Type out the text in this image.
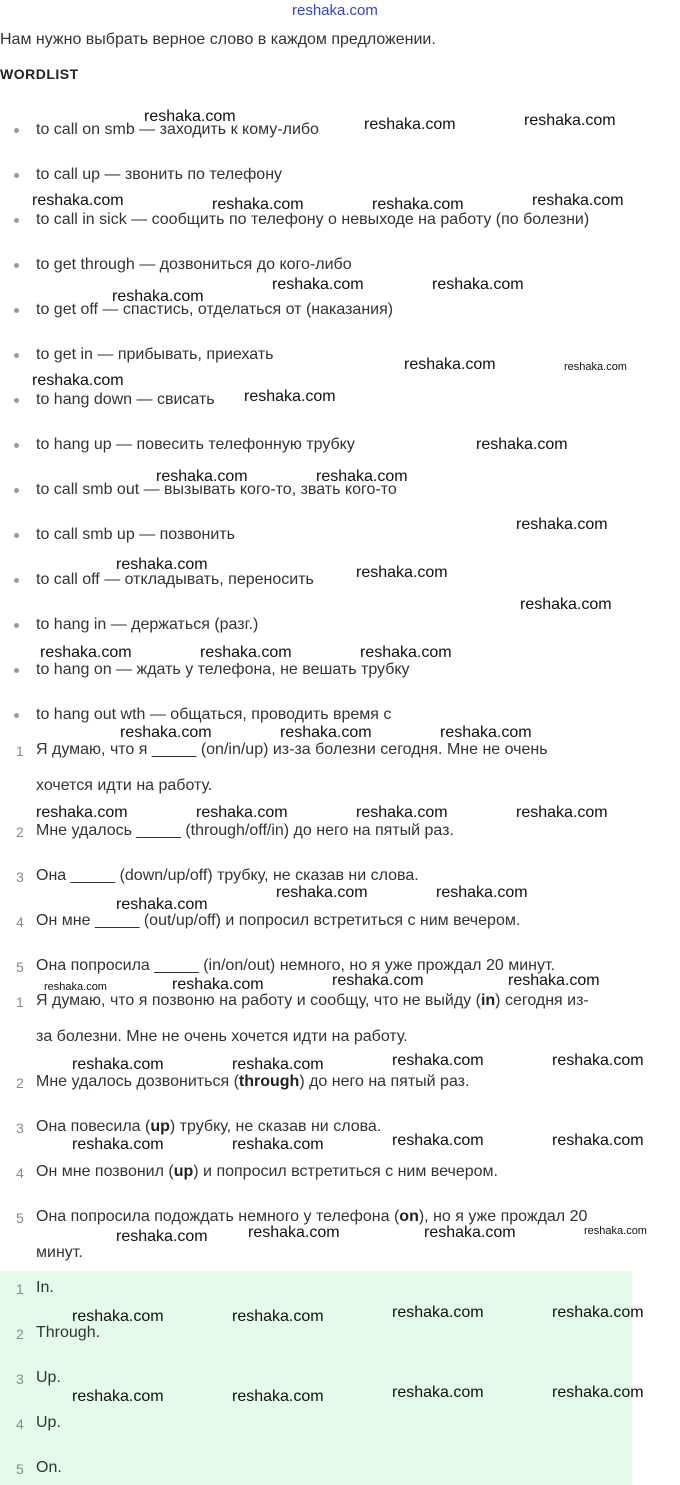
reshaka.com
Нам нужно выбрать верное слово в каждом предложении.
WORDLIST
to call on smb — заходить к кому-либо
to call up — звонить по телефону
to call in sick — сообщить по телефону о невыходе на работу (по болезни)
to get through — дозвониться до кого-либо
to get off — спастись, отделаться от (наказания)
to get in — прибывать, приехать
to hang down — свисать
to hang up — повесить телефонную трубку
to call smb out — вызывать кого-то, звать кого-то
to call smb up — позвонить
to call off — откладывать, переносить
to hang in — держаться (разг.)
to hang on — ждать у телефона, не вешать трубку
to hang out wth — общаться, проводить время с
1 Я думаю, что я _____ (on/in/up) из-за болезни сегодня. Мне не очень
хочется идти на работу.
2 Мне удалось _____ (through/off/in) до него на пятый раз.
3 Она _____ (down/up/off) трубку, не сказав ни слова.
4 Он мне _____ (out/up/off) и попросил встретиться с ним вечером.
5 Она попросила _____ (in/on/out) немного, но я уже прождал 20 минут.
1 Я думаю, что я позвоню на работу и сообщу, что не выйду (in) сегодня из-
за болезни. Мне не очень хочется идти на работу.
2 Мне удалось дозвониться (through) до него на пятый раз.
3 Она повесила (up) трубку, не сказав ни слова.
4 Он мне позвонил (up) и попросил встретиться с ним вечером.
5 Она попросила подождать немного у телефона (on), но я уже прождал 20
минут.
1 In.
2 Through.
3 Up.
4 Up.
5 On.
reshaka.com	reshaka.com	reshaka.com
reshaka.com	reshaka.com	reshaka.com	reshaka.com
reshaka.com	reshaka.com
reshaka.com
reshaka.com	reshaka.com
reshaka.com
reshaka.com
reshaka.com
reshaka.com	reshaka.com
reshaka.com
reshaka.com	reshaka.com
reshaka.com
reshaka.com	reshaka.com	reshaka.com
reshaka.com	reshaka.com	reshaka.com
reshaka.com	reshaka.com	reshaka.com	reshaka.com
reshaka.com	reshaka.com
reshaka.com
reshaka.com	reshaka.com	reshaka.com	reshaka.com
reshaka.com	reshaka.com	reshaka.com	reshaka.com
reshaka.com	reshaka.com	reshaka.com	reshaka.com
reshaka.com	reshaka.com	reshaka.com	reshaka.com
reshaka.com	reshaka.com	reshaka.com	reshaka.com
reshaka.com	reshaka.com	reshaka.com	reshaka.com
